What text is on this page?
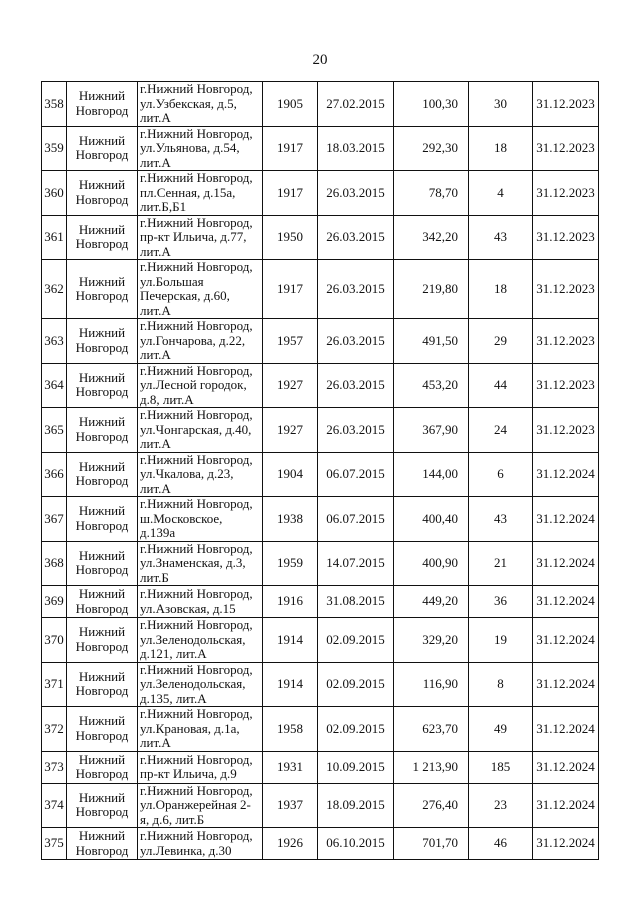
20
358	Нижний Новгород	г.Нижний Новгород, ул.Узбекская, д.5, лит.А	1905	27.02.2015	100,30	30	31.12.2023
359	Нижний Новгород	г.Нижний Новгород, ул.Ульянова, д.54, лит.А	1917	18.03.2015	292,30	18	31.12.2023
360	Нижний Новгород	г.Нижний Новгород, пл.Сенная, д.15а, лит.Б,Б1	1917	26.03.2015	78,70	4	31.12.2023
361	Нижний Новгород	г.Нижний Новгород, пр-кт Ильича, д.77, лит.А	1950	26.03.2015	342,20	43	31.12.2023
362	Нижний Новгород	г.Нижний Новгород, ул.Большая Печерская, д.60, лит.А	1917	26.03.2015	219,80	18	31.12.2023
363	Нижний Новгород	г.Нижний Новгород, ул.Гончарова, д.22, лит.А	1957	26.03.2015	491,50	29	31.12.2023
364	Нижний Новгород	г.Нижний Новгород, ул.Лесной городок, д.8, лит.А	1927	26.03.2015	453,20	44	31.12.2023
365	Нижний Новгород	г.Нижний Новгород, ул.Чонгарская, д.40, лит.А	1927	26.03.2015	367,90	24	31.12.2023
366	Нижний Новгород	г.Нижний Новгород, ул.Чкалова, д.23, лит.А	1904	06.07.2015	144,00	6	31.12.2024
367	Нижний Новгород	г.Нижний Новгород, ш.Московское, д.139а	1938	06.07.2015	400,40	43	31.12.2024
368	Нижний Новгород	г.Нижний Новгород, ул.Знаменская, д.3, лит.Б	1959	14.07.2015	400,90	21	31.12.2024
369	Нижний Новгород	г.Нижний Новгород, ул.Азовская, д.15	1916	31.08.2015	449,20	36	31.12.2024
370	Нижний Новгород	г.Нижний Новгород, ул.Зеленодольская, д.121, лит.А	1914	02.09.2015	329,20	19	31.12.2024
371	Нижний Новгород	г.Нижний Новгород, ул.Зеленодольская, д.135, лит.А	1914	02.09.2015	116,90	8	31.12.2024
372	Нижний Новгород	г.Нижний Новгород, ул.Крановая, д.1а, лит.А	1958	02.09.2015	623,70	49	31.12.2024
373	Нижний Новгород	г.Нижний Новгород, пр-кт Ильича, д.9	1931	10.09.2015	1 213,90	185	31.12.2024
374	Нижний Новгород	г.Нижний Новгород, ул.Оранжерейная 2-я, д.6, лит.Б	1937	18.09.2015	276,40	23	31.12.2024
375	Нижний Новгород	г.Нижний Новгород, ул.Левинка, д.30	1926	06.10.2015	701,70	46	31.12.2024
